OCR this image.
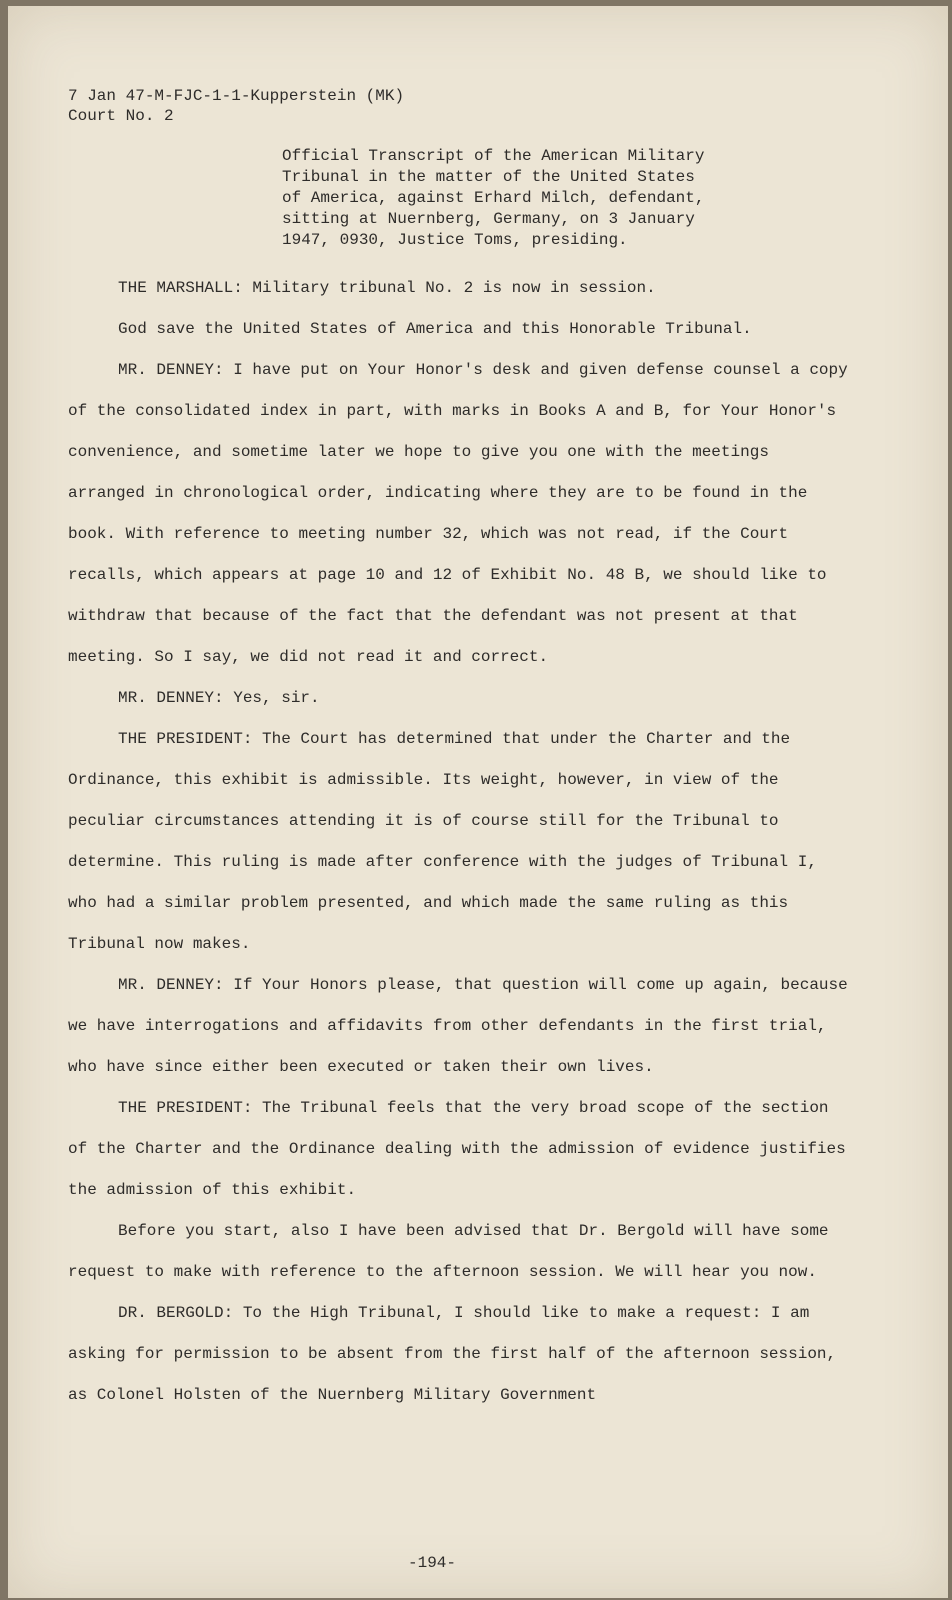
7 Jan 47-M-FJC-1-1-Kupperstein (MK)
Court No. 2
Official Transcript of the American Military
Tribunal in the matter of the United States
of America, against Erhard Milch, defendant,
sitting at Nuernberg, Germany, on 3 January
1947, 0930, Justice Toms, presiding.

THE MARSHALL: Military tribunal No. 2 is now in session.

God save the United States of America and this Honorable Tribunal.

MR. DENNEY: I have put on Your Honor's desk and given defense counsel a copy of the consolidated index in part, with marks in Books A and B, for Your Honor's convenience, and sometime later we hope to give you one with the meetings arranged in chronological order, indicating where they are to be found in the book. With reference to meeting number 32, which was not read, if the Court recalls, which appears at page 10 and 12 of Exhibit No. 48 B, we should like to withdraw that because of the fact that the defendant was not present at that meeting. So I say, we did not read it and correct.

MR. DENNEY: Yes, sir.

THE PRESIDENT: The Court has determined that under the Charter and the Ordinance, this exhibit is admissible. Its weight, however, in view of the peculiar circumstances attending it is of course still for the Tribunal to determine. This ruling is made after conference with the judges of Tribunal I, who had a similar problem presented, and which made the same ruling as this Tribunal now makes.

MR. DENNEY: If Your Honors please, that question will come up again, because we have interrogations and affidavits from other defendants in the first trial, who have since either been executed or taken their own lives.

THE PRESIDENT: The Tribunal feels that the very broad scope of the section of the Charter and the Ordinance dealing with the admission of evidence justifies the admission of this exhibit.

Before you start, also I have been advised that Dr. Bergold will have some request to make with reference to the afternoon session. We will hear you now.

DR. BERGOLD: To the High Tribunal, I should like to make a request: I am asking for permission to be absent from the first half of the afternoon session, as Colonel Holsten of the Nuernberg Military Government

-194-
